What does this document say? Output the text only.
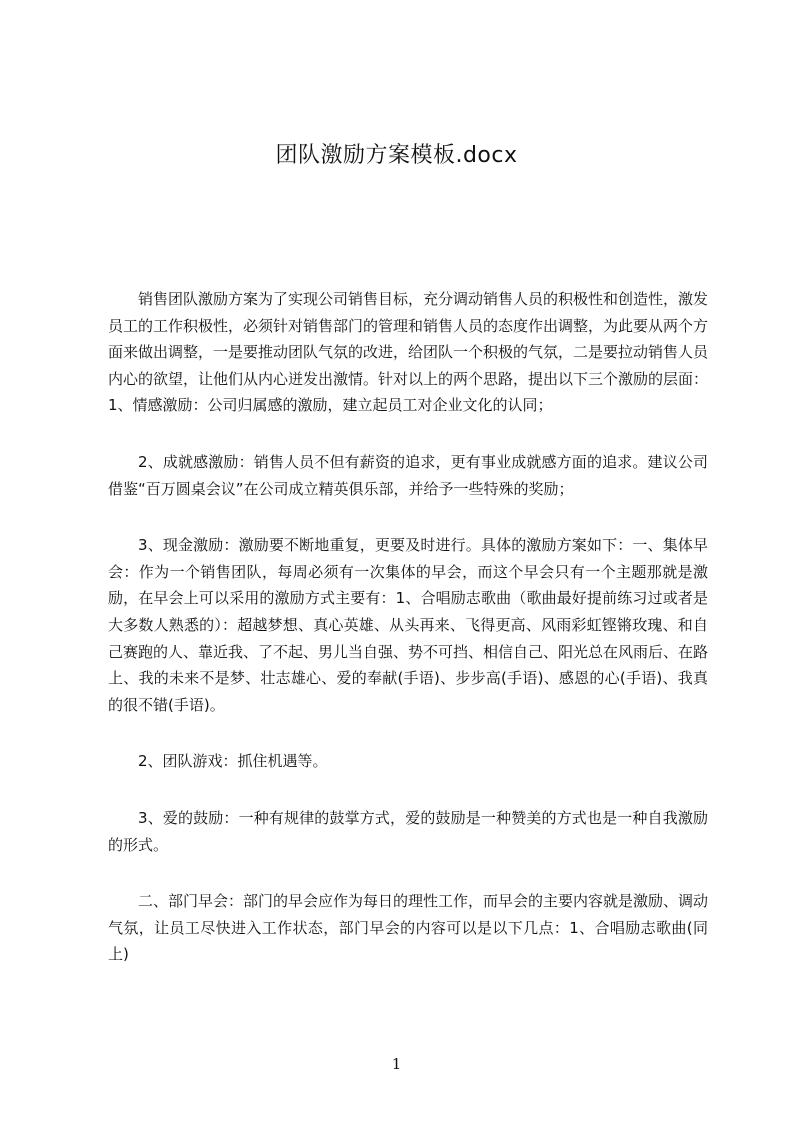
团队激励方案模板.docx

销售团队激励方案为了实现公司销售目标，充分调动销售人员的积极性和创造性，激发员工的工作积极性，必须针对销售部门的管理和销售人员的态度作出调整，为此要从两个方面来做出调整，一是要推动团队气氛的改进，给团队一个积极的气氛，二是要拉动销售人员内心的欲望，让他们从内心迸发出激情。针对以上的两个思路，提出以下三个激励的层面：1、情感激励：公司归属感的激励，建立起员工对企业文化的认同；

2、成就感激励：销售人员不但有薪资的追求，更有事业成就感方面的追求。建议公司借鉴“百万圆桌会议”在公司成立精英俱乐部，并给予一些特殊的奖励；

3、现金激励：激励要不断地重复，更要及时进行。具体的激励方案如下：一、集体早会：作为一个销售团队，每周必须有一次集体的早会，而这个早会只有一个主题那就是激励，在早会上可以采用的激励方式主要有：1、合唱励志歌曲（歌曲最好提前练习过或者是大多数人熟悉的）：超越梦想、真心英雄、从头再来、飞得更高、风雨彩虹铿锵玫瑰、和自己赛跑的人、靠近我、了不起、男儿当自强、势不可挡、相信自己、阳光总在风雨后、在路上、我的未来不是梦、壮志雄心、爱的奉献(手语)、步步高(手语)、感恩的心(手语)、我真的很不错(手语)。

2、团队游戏：抓住机遇等。

3、爱的鼓励：一种有规律的鼓掌方式，爱的鼓励是一种赞美的方式也是一种自我激励的形式。

二、部门早会：部门的早会应作为每日的理性工作，而早会的主要内容就是激励、调动气氛，让员工尽快进入工作状态，部门早会的内容可以是以下几点：1、合唱励志歌曲(同上)

1
